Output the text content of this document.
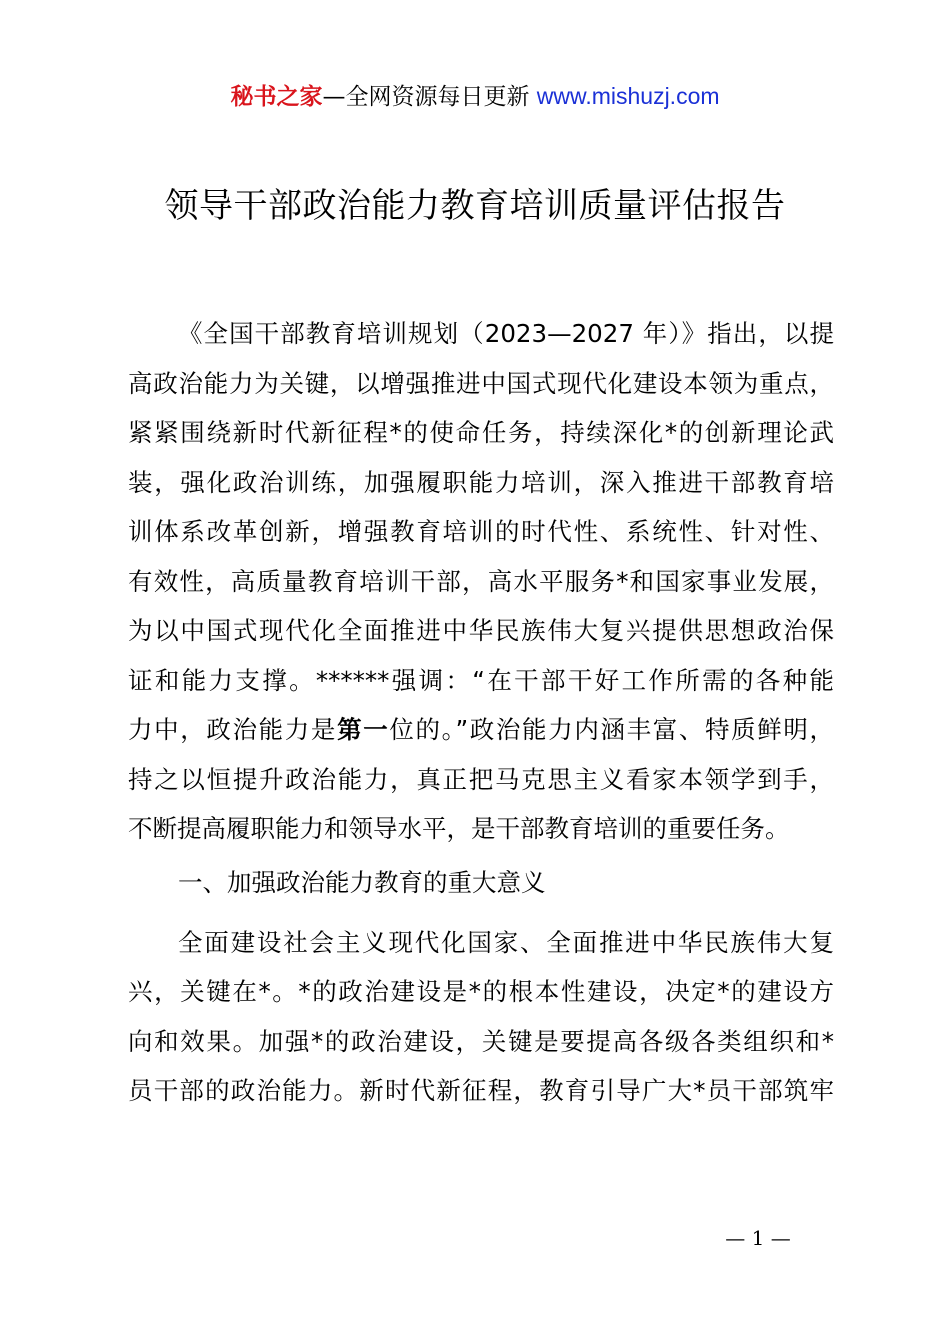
秘书之家—全网资源每日更新 www.mishuzj.com
领导干部政治能力教育培训质量评估报告
《全国干部教育培训规划（2023—2027 年）》指出，以提
高政治能力为关键，以增强推进中国式现代化建设本领为重点，
紧紧围绕新时代新征程*的使命任务，持续深化*的创新理论武
装，强化政治训练，加强履职能力培训，深入推进干部教育培
训体系改革创新，增强教育培训的时代性、系统性、针对性、
有效性，高质量教育培训干部，高水平服务*和国家事业发展，
为以中国式现代化全面推进中华民族伟大复兴提供思想政治保
证和能力支撑。******强调：“在干部干好工作所需的各种能
力中，政治能力是第一位的。”政治能力内涵丰富、特质鲜明，
持之以恒提升政治能力，真正把马克思主义看家本领学到手，
不断提高履职能力和领导水平，是干部教育培训的重要任务。
一、加强政治能力教育的重大意义
全面建设社会主义现代化国家、全面推进中华民族伟大复
兴，关键在*。*的政治建设是*的根本性建设，决定*的建设方
向和效果。加强*的政治建设，关键是要提高各级各类组织和*
员干部的政治能力。新时代新征程，教育引导广大*员干部筑牢
— 1 —
